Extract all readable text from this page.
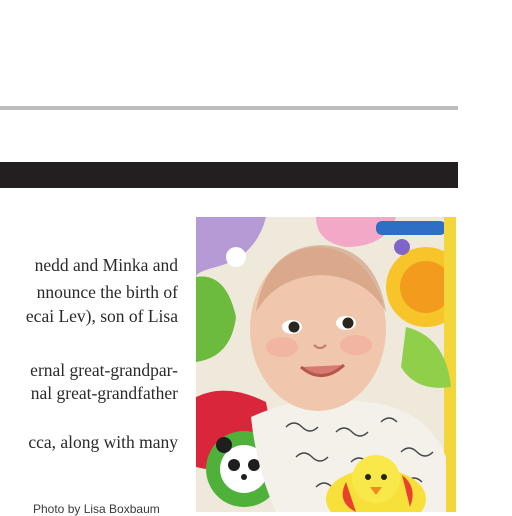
nedd and Minka and
nnounce the birth of
ecai Lev), son of Lisa
ernal great-grandpar-
nal great-grandfather
cca, along with many
Photo by Lisa Boxbaum
